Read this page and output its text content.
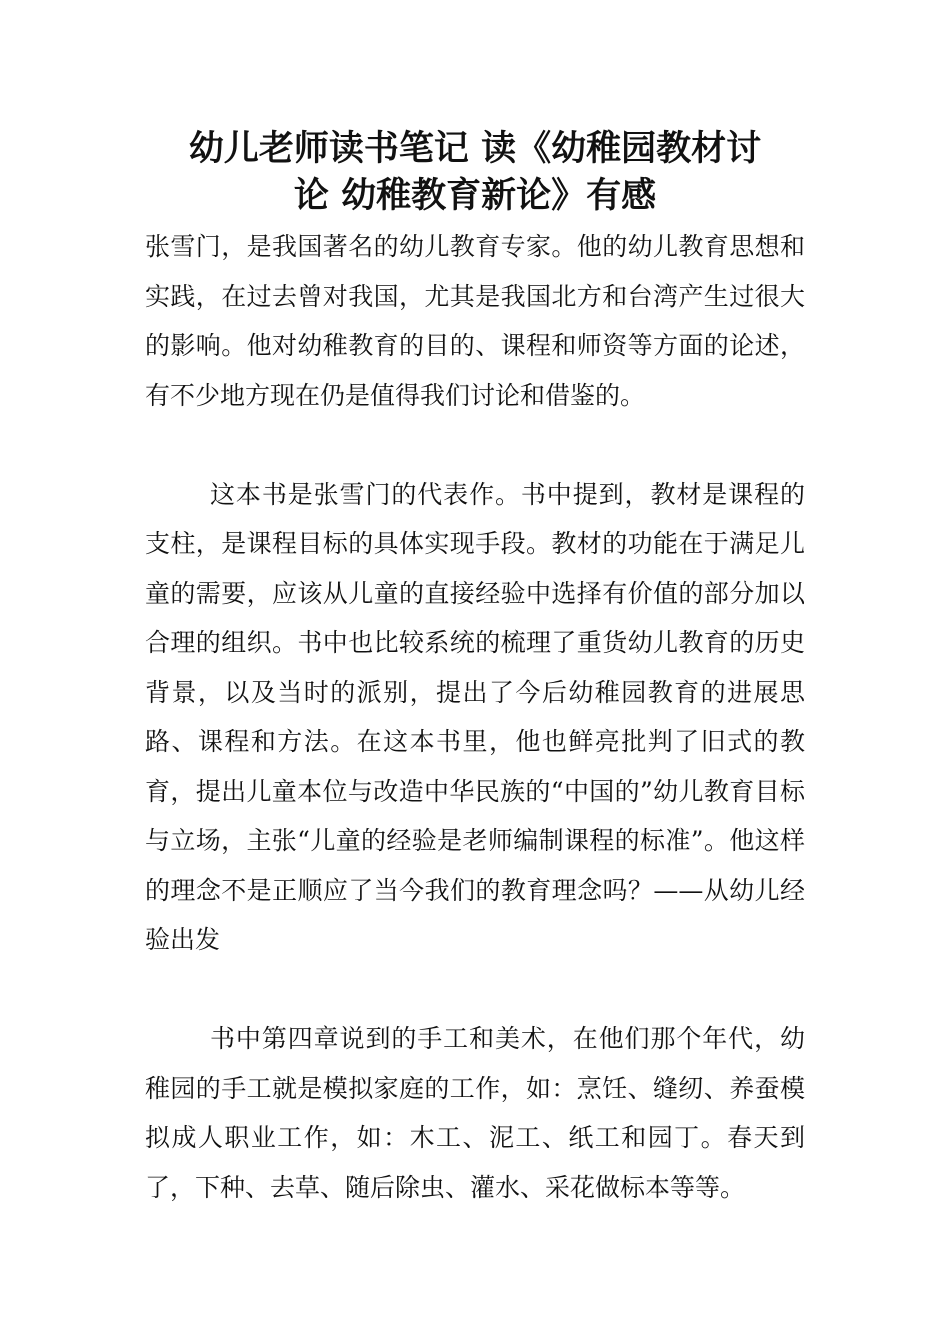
幼儿老师读书笔记 读《幼稚园教材讨
论 幼稚教育新论》有感

张雪门，是我国著名的幼儿教育专家。他的幼儿教育思想和实践，在过去曾对我国，尤其是我国北方和台湾产生过很大的影响。他对幼稚教育的目的、课程和师资等方面的论述，有不少地方现在仍是值得我们讨论和借鉴的。

这本书是张雪门的代表作。书中提到，教材是课程的支柱，是课程目标的具体实现手段。教材的功能在于满足儿童的需要，应该从儿童的直接经验中选择有价值的部分加以合理的组织。书中也比较系统的梳理了重货幼儿教育的历史背景，以及当时的派别，提出了今后幼稚园教育的进展思路、课程和方法。在这本书里，他也鲜亮批判了旧式的教育，提出儿童本位与改造中华民族的“中国的”幼儿教育目标与立场，主张“儿童的经验是老师编制课程的标准”。他这样的理念不是正顺应了当今我们的教育理念吗？——从幼儿经验出发

书中第四章说到的手工和美术，在他们那个年代，幼稚园的手工就是模拟家庭的工作，如：烹饪、缝纫、养蚕模拟成人职业工作，如：木工、泥工、纸工和园丁。春天到了，下种、去草、随后除虫、灌水、采花做标本等等。
